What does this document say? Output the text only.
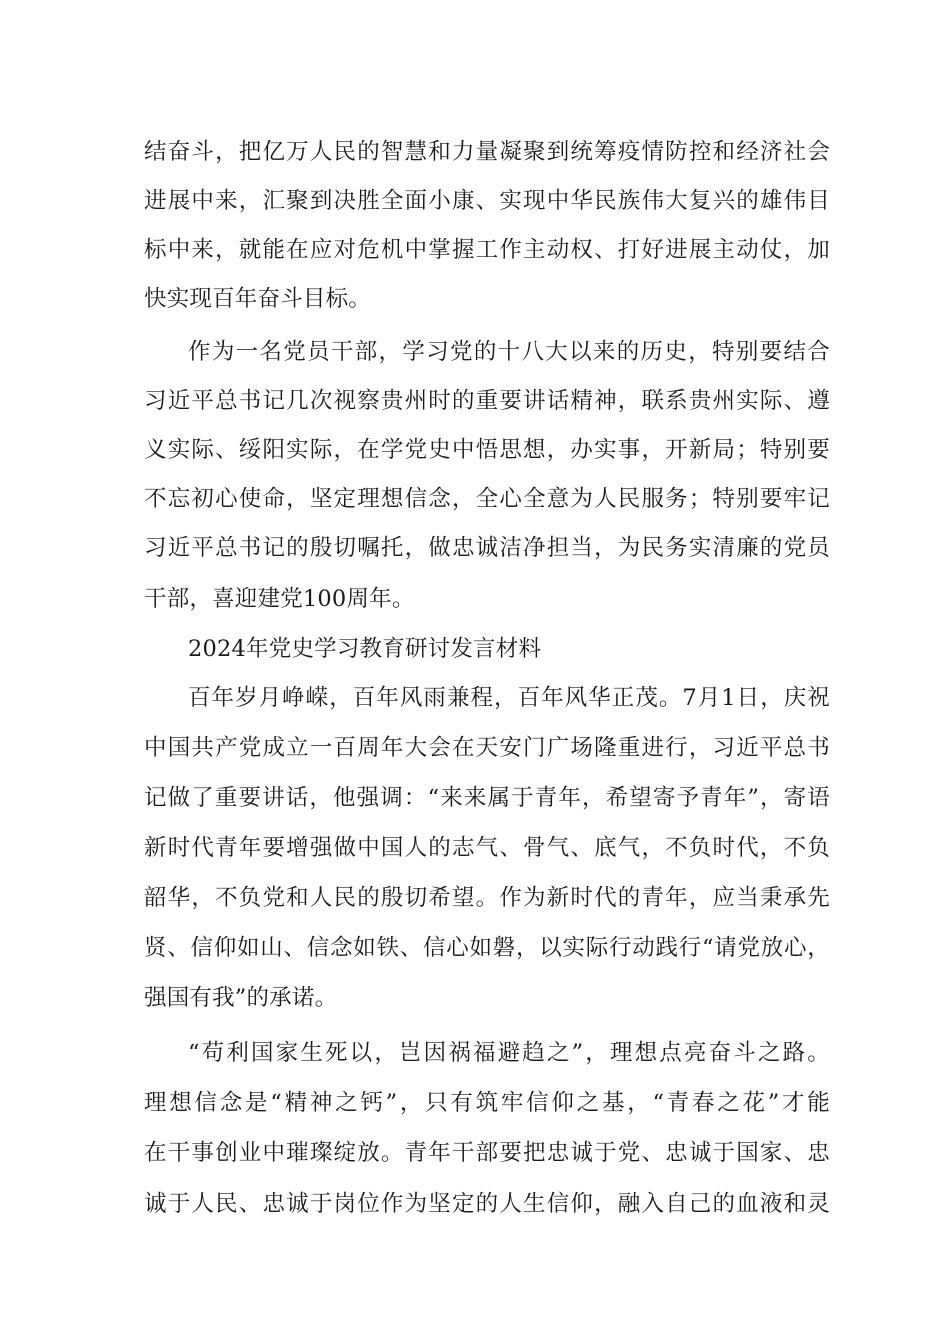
结奋斗，把亿万人民的智慧和力量凝聚到统筹疫情防控和经济社会
进展中来，汇聚到决胜全面小康、实现中华民族伟大复兴的雄伟目
标中来，就能在应对危机中掌握工作主动权、打好进展主动仗，加
快实现百年奋斗目标。
作为一名党员干部，学习党的十八大以来的历史，特别要结合
习近平总书记几次视察贵州时的重要讲话精神，联系贵州实际、遵
义实际、绥阳实际，在学党史中悟思想，办实事，开新局；特别要
不忘初心使命，坚定理想信念，全心全意为人民服务；特别要牢记
习近平总书记的殷切嘱托，做忠诚洁净担当，为民务实清廉的党员
干部，喜迎建党100周年。
2024年党史学习教育研讨发言材料
百年岁月峥嵘，百年风雨兼程，百年风华正茂。7月1日，庆祝
中国共产党成立一百周年大会在天安门广场隆重进行，习近平总书
记做了重要讲话，他强调：“来来属于青年，希望寄予青年”，寄语
新时代青年要增强做中国人的志气、骨气、底气，不负时代，不负
韶华，不负党和人民的殷切希望。作为新时代的青年，应当秉承先
贤、信仰如山、信念如铁、信心如磐，以实际行动践行“请党放心，
强国有我”的承诺。
“苟利国家生死以，岂因祸福避趋之”，理想点亮奋斗之路。
理想信念是“精神之钙”，只有筑牢信仰之基，“青春之花”才能
在干事创业中璀璨绽放。青年干部要把忠诚于党、忠诚于国家、忠
诚于人民、忠诚于岗位作为坚定的人生信仰，融入自己的血液和灵
